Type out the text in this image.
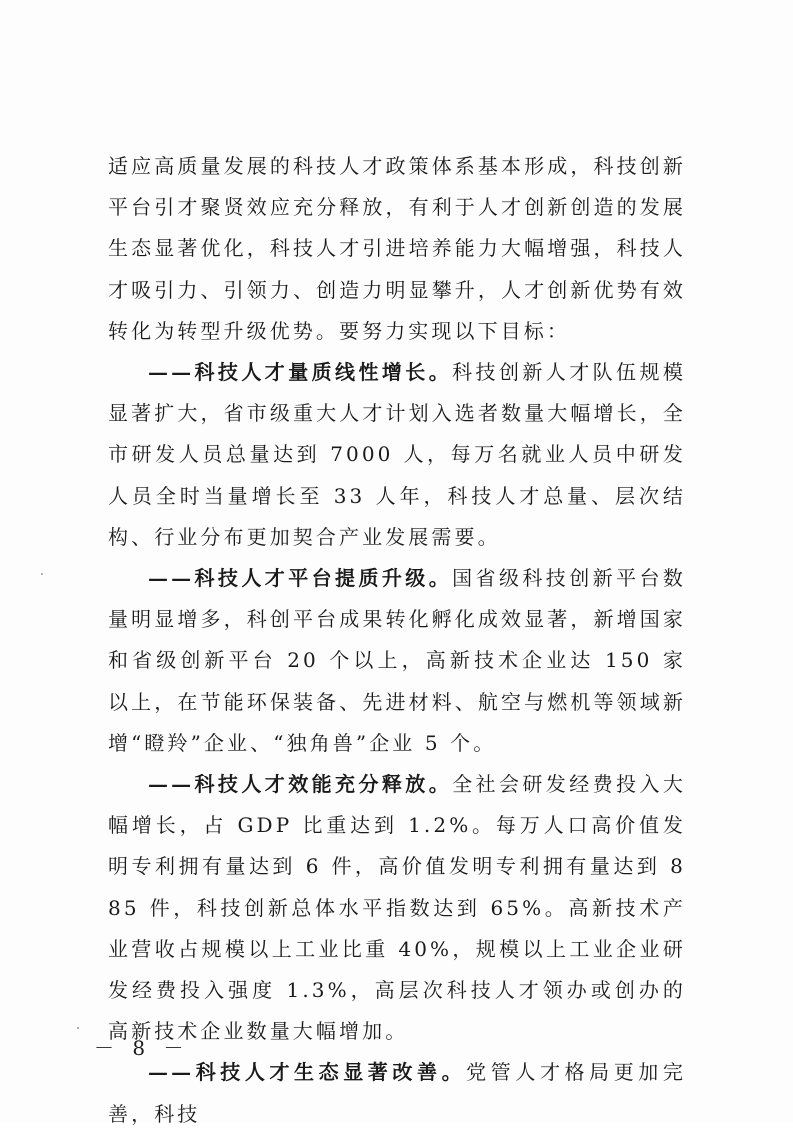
适应高质量发展的科技人才政策体系基本形成，科技创新平台引才聚贤效应充分释放，有利于人才创新创造的发展生态显著优化，科技人才引进培养能力大幅增强，科技人才吸引力、引领力、创造力明显攀升，人才创新优势有效转化为转型升级优势。要努力实现以下目标：

——科技人才量质线性增长。科技创新人才队伍规模显著扩大，省市级重大人才计划入选者数量大幅增长，全市研发人员总量达到 7000 人，每万名就业人员中研发人员全时当量增长至 33 人年，科技人才总量、层次结构、行业分布更加契合产业发展需要。

——科技人才平台提质升级。国省级科技创新平台数量明显增多，科创平台成果转化孵化成效显著，新增国家和省级创新平台 20 个以上，高新技术企业达 150 家以上，在节能环保装备、先进材料、航空与燃机等领域新增“瞪羚”企业、“独角兽”企业 5 个。

——科技人才效能充分释放。全社会研发经费投入大幅增长，占 GDP 比重达到 1.2%。每万人口高价值发明专利拥有量达到 6 件，高价值发明专利拥有量达到 885 件，科技创新总体水平指数达到 65%。高新技术产业营收占规模以上工业比重 40%，规模以上工业企业研发经费投入强度 1.3%，高层次科技人才领办或创办的高新技术企业数量大幅增加。

——科技人才生态显著改善。党管人才格局更加完善，科技

－ 8 －
